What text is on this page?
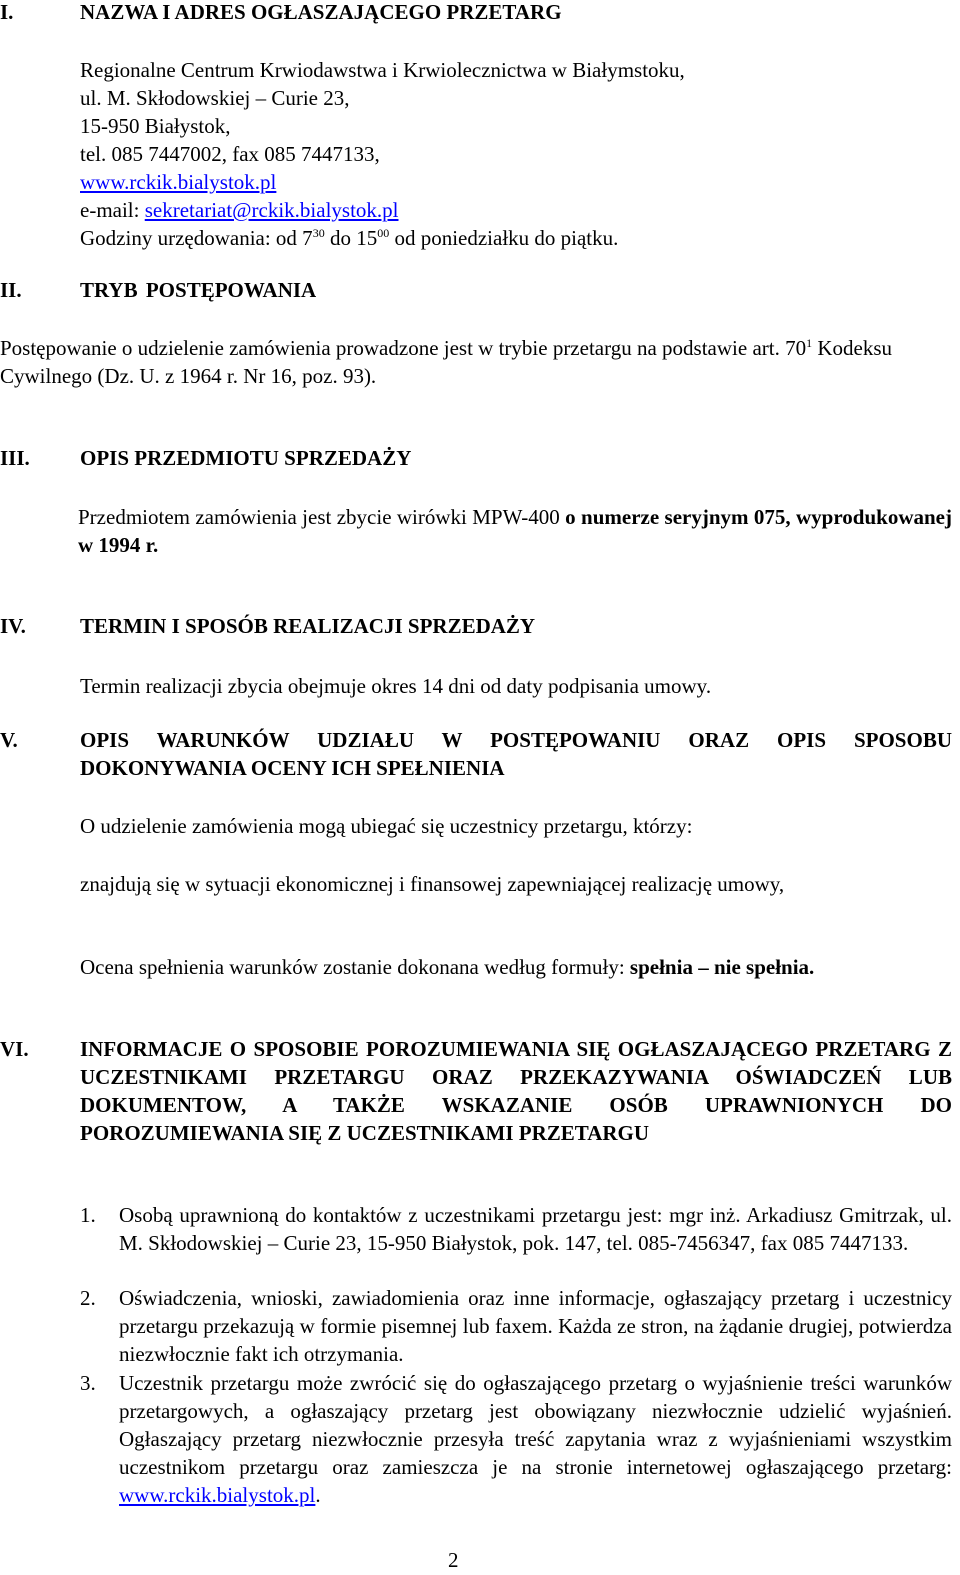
I.	NAZWA I ADRES OGŁASZAJĄCEGO PRZETARG
Regionalne Centrum Krwiodawstwa i Krwiolecznictwa w Białymstoku,
ul. M. Skłodowskiej – Curie 23,
15-950 Białystok,
tel. 085 7447002, fax 085 7447133,
www.rckik.bialystok.pl
e-mail: sekretariat@rckik.bialystok.pl
Godziny urzędowania: od $7^{30}$ do $15^{00}$ od poniedziałku do piątku.
II.	TRYB POSTĘPOWANIA
Postępowanie o udzielenie zamówienia prowadzone jest w trybie przetargu na podstawie art. $70^1$ Kodeksu Cywilnego (Dz. U. z 1964 r. Nr 16, poz. 93).
III. OPIS PRZEDMIOTU SPRZEDAŻY
Przedmiotem zamówienia jest zbycie wirówki MPW-400 o numerze seryjnym 075, wyprodukowanej w 1994 r.
IV.	TERMIN I SPOSÓB REALIZACJI SPRZEDAŻY
Termin realizacji zbycia obejmuje okres 14 dni od daty podpisania umowy.
V.	OPIS WARUNKÓW UDZIAŁU W POSTĘPOWANIU ORAZ OPIS SPOSOBU DOKONYWANIA OCENY ICH SPEŁNIENIA
O udzielenie zamówienia mogą ubiegać się uczestnicy przetargu, którzy:
znajdują się w sytuacji ekonomicznej i finansowej zapewniającej realizację umowy,
Ocena spełnienia warunków zostanie dokonana według formuły: spełnia – nie spełnia.
VI. INFORMACJE O SPOSOBIE POROZUMIEWANIA SIĘ OGŁASZAJĄCEGO PRZETARG Z UCZESTNIKAMI PRZETARGU ORAZ PRZEKAZYWANIA OŚWIADCZEŃ LUB DOKUMENTOW, A TAKŻE WSKAZANIE OSÓB UPRAWNIONYCH DO POROZUMIEWANIA SIĘ Z UCZESTNIKAMI PRZETARGU
1. Osobą uprawnioną do kontaktów z uczestnikami przetargu jest: mgr inż. Arkadiusz Gmitrzak, ul. M. Skłodowskiej – Curie 23, 15-950 Białystok, pok. 147, tel. 085-7456347, fax 085 7447133.
2. Oświadczenia, wnioski, zawiadomienia oraz inne informacje, ogłaszający przetarg i uczestnicy przetargu przekazują w formie pisemnej lub faxem. Każda ze stron, na żądanie drugiej, potwierdza niezwłocznie fakt ich otrzymania.
3. Uczestnik przetargu może zwrócić się do ogłaszającego przetarg o wyjaśnienie treści warunków przetargowych, a ogłaszający przetarg jest obowiązany niezwłocznie udzielić wyjaśnień. Ogłaszający przetarg niezwłocznie przesyła treść zapytania wraz z wyjaśnieniami wszystkim uczestnikom przetargu oraz zamieszcza je na stronie internetowej ogłaszającego przetarg: www.rckik.bialystok.pl.
2
